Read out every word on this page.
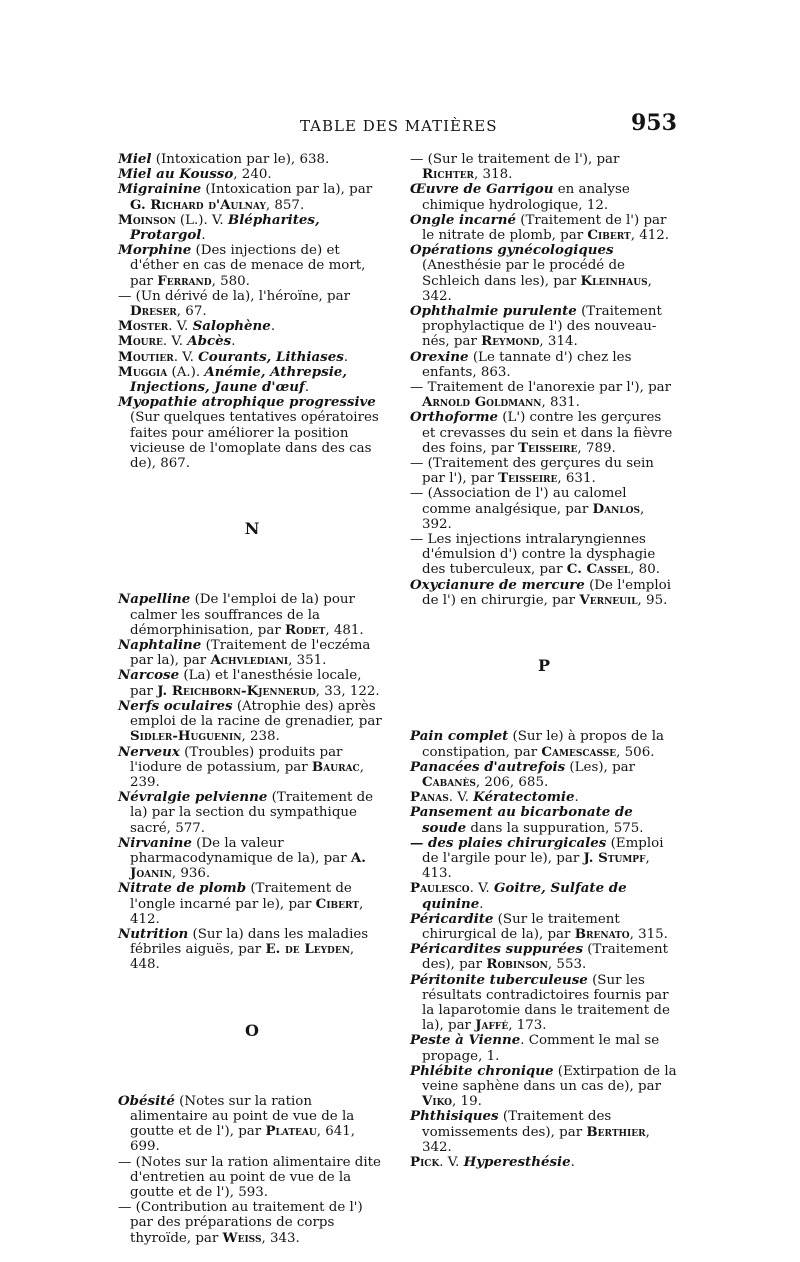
TABLE DES MATIÈRES	953
Miel (Intoxication par le), 638.
Miel au Kousso, 240.
Migrainine (Intoxication par la), par G. Richard d'Aulnay, 857.
Moinson (L.). V. Blépharites, Protargol.
Morphine (Des injections de) et d'éther en cas de menace de mort, par Ferrand, 580.
— (Un dérivé de la), l'héroïne, par Dreser, 67.
Moster. V. Salophène.
Moure. V. Abcès.
Moutier. V. Courants, Lithiases.
Muggia (A.). Anémie, Athrepsie, Injections, Jaune d'œuf.
Myopathie atrophique progressive (Sur quelques tentatives opératoires faites pour améliorer la position vicieuse de l'omoplate dans des cas de), 867.
N
Napelline (De l'emploi de la) pour calmer les souffrances de la démorphinisation, par Rodet, 481.
Naphtaline (Traitement de l'eczéma par la), par Achvlediani, 351.
Narcose (La) et l'anesthésie locale, par J. Reichborn-Kjennerud, 33, 122.
Nerfs oculaires (Atrophie des) après emploi de la racine de grenadier, par Sidler-Huguenin, 238.
Nerveux (Troubles) produits par l'iodure de potassium, par Baurac, 239.
Névralgie pelvienne (Traitement de la) par la section du sympathique sacré, 577.
Nirvanine (De la valeur pharmacodynamique de la), par A. Joanin, 936.
Nitrate de plomb (Traitement de l'ongle incarné par le), par Cibert, 412.
Nutrition (Sur la) dans les maladies fébriles aiguës, par E. de Leyden, 448.
O
Obésité (Notes sur la ration alimentaire au point de vue de la goutte et de l'), par Plateau, 641, 699.
— (Notes sur la ration alimentaire dite d'entretien au point de vue de la goutte et de l'), 593.
— (Contribution au traitement de l') par des préparations de corps thyroïde, par Weiss, 343.
— (Sur le traitement de l'), par Richter, 318.
Œuvre de Garrigou en analyse chimique hydrologique, 12.
Ongle incarné (Traitement de l') par le nitrate de plomb, par Cibert, 412.
Opérations gynécologiques (Anesthésie par le procédé de Schleich dans les), par Kleinhaus, 342.
Ophthalmie purulente (Traitement prophylactique de l') des nouveau-nés, par Reymond, 314.
Orexine (Le tannate d') chez les enfants, 863.
— Traitement de l'anorexie par l'), par Arnold Goldmann, 831.
Orthoforme (L') contre les gerçures et crevasses du sein et dans la fièvre des foins, par Teisseire, 789.
— (Traitement des gerçures du sein par l'), par Teisseire, 631.
— (Association de l') au calomel comme analgésique, par Danlos, 392.
— Les injections intralaryngiennes d'émulsion d') contre la dysphagie des tuberculeux, par C. Cassel, 80.
Oxycianure de mercure (De l'emploi de l') en chirurgie, par Verneuil, 95.
P
Pain complet (Sur le) à propos de la constipation, par Camescasse, 506.
Panacées d'autrefois (Les), par Cabanès, 206, 685.
Panas. V. Kératectomie.
Pansement au bicarbonate de soude dans la suppuration, 575.
— des plaies chirurgicales (Emploi de l'argile pour le), par J. Stumpf, 413.
Paulesco. V. Goitre, Sulfate de quinine.
Péricardite (Sur le traitement chirurgical de la), par Brenato, 315.
Péricardites suppurées (Traitement des), par Robinson, 553.
Péritonite tuberculeuse (Sur les résultats contradictoires fournis par la laparotomie dans le traitement de la), par Jaffé, 173.
Peste à Vienne. Comment le mal se propage, 1.
Phlébite chronique (Extirpation de la veine saphène dans un cas de), par Viko, 19.
Phthisiques (Traitement des vomissements des), par Berthier, 342.
Pick. V. Hyperesthésie.
